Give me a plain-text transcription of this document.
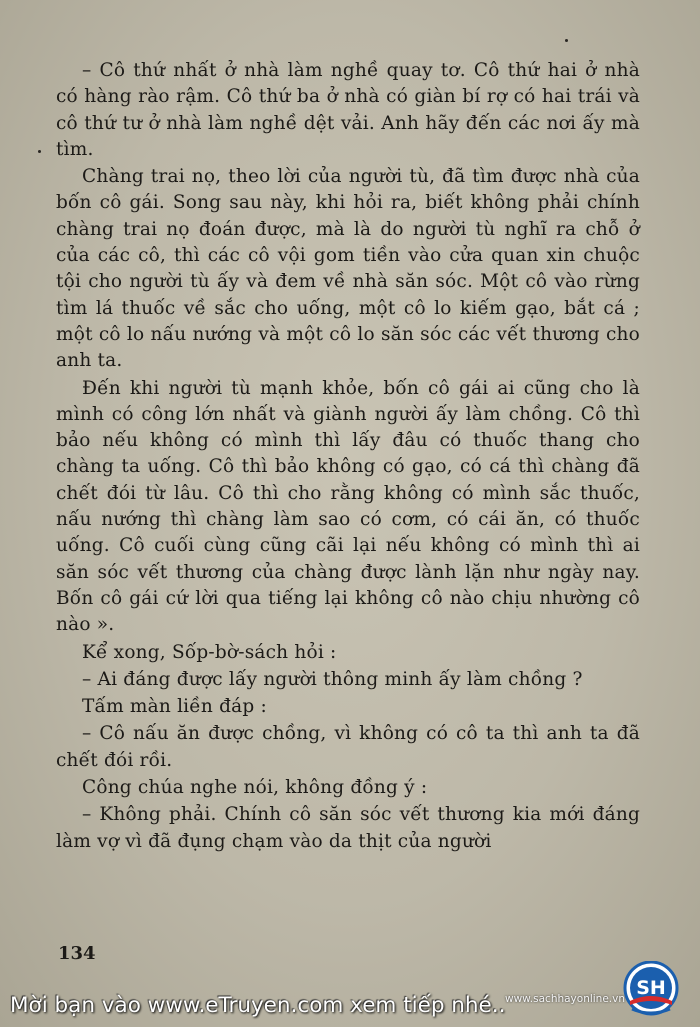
– Cô thứ nhất ở nhà làm nghề quay tơ. Cô thứ hai ở nhà có hàng rào rậm. Cô thứ ba ở nhà có giàn bí rợ có hai trái và cô thứ tư ở nhà làm nghề dệt vải. Anh hãy đến các nơi ấy mà tìm.

Chàng trai nọ, theo lời của người tù, đã tìm được nhà của bốn cô gái. Song sau này, khi hỏi ra, biết không phải chính chàng trai nọ đoán được, mà là do người tù nghĩ ra chỗ ở của các cô, thì các cô vội gom tiền vào cửa quan xin chuộc tội cho người tù ấy và đem về nhà săn sóc. Một cô vào rừng tìm lá thuốc về sắc cho uống, một cô lo kiếm gạo, bắt cá ; một cô lo nấu nướng và một cô lo săn sóc các vết thương cho anh ta.

Đến khi người tù mạnh khỏe, bốn cô gái ai cũng cho là mình có công lớn nhất và giành người ấy làm chồng. Cô thì bảo nếu không có mình thì lấy đâu có thuốc thang cho chàng ta uống. Cô thì bảo không có gạo, có cá thì chàng đã chết đói từ lâu. Cô thì cho rằng không có mình sắc thuốc, nấu nướng thì chàng làm sao có cơm, có cái ăn, có thuốc uống. Cô cuối cùng cũng cãi lại nếu không có mình thì ai săn sóc vết thương của chàng được lành lặn như ngày nay. Bốn cô gái cứ lời qua tiếng lại không cô nào chịu nhường cô nào ».

Kể xong, Sốp-bờ-sách hỏi :

– Ai đáng được lấy người thông minh ấy làm chồng ?

Tấm màn liền đáp :

– Cô nấu ăn được chồng, vì không có cô ta thì anh ta đã chết đói rồi.

Công chúa nghe nói, không đồng ý :

– Không phải. Chính cô săn sóc vết thương kia mới đáng làm vợ vì đã đụng chạm vào da thịt của người

134
Mời bạn vào www.eTruyen.com xem tiếp nhé.. www.sachhayonline.vn SH
